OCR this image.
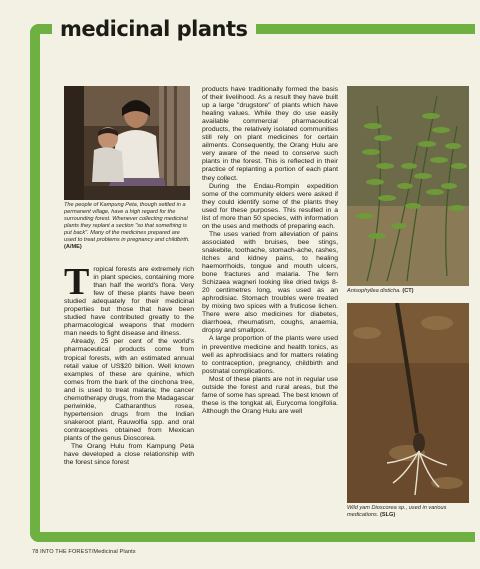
medicinal plants
The people of Kampung Peta, though settled in a permanent village, have a high regard for the surrounding forest. Whenever collecting medicinal plants they replant a section "so that something is put back". Many of the medicines prepared are used to treat problems in pregnancy and childbirth. (A/ME)
Anisophyllea disticha. (CT)
Wild yam Dioscorea sp., used in various medications. (SLG)
T ropical forests are extremely rich in plant species, containing more than half the world's flora. Very few of these plants have been studied adequately for their medicinal properties but those that have been studied have contributed greatly to the pharmacological weapons that modern man needs to fight disease and illness.

Already, 25 per cent of the world's pharmaceutical products come from tropical forests, with an estimated annual retail value of US$20 billion. Well known examples of these are quinine, which comes from the bark of the cinchona tree, and is used to treat malaria; the cancer chemotherapy drugs, from the Madagascar periwinkle, Catharanthus rosea, hypertension drugs from the Indian snakeroot plant, Rauwolfia spp. and oral contraceptives obtained from Mexican plants of the genus Dioscorea.

The Orang Hulu from Kampung Peta have developed a close relationship with the forest since forest

products have traditionally formed the basis of their livelihood. As a result they have built up a large "drugstore" of plants which have healing values. While they do use easily available commercial pharmaceutical products, the relatively isolated communities still rely on plant medicines for certain ailments. Consequently, the Orang Hulu are very aware of the need to conserve such plants in the forest. This is reflected in their practice of replanting a portion of each plant they collect.

During the Endau-Rompin expedition some of the community elders were asked if they could identify some of the plants they used for these purposes. This resulted in a list of more than 50 species, with information on the uses and methods of preparing each.

The uses varied from alleviation of pains associated with bruises, bee stings, snakebite, toothache, stomach-ache, rashes, itches and kidney pains, to healing haemorrhoids, tongue and mouth ulcers, bone fractures and malaria. The fern Schizaea wagneri looking like dried twigs 8-20 centimetres long, was used as an aphrodisiac. Stomach troubles were treated by mixing two spices with a fruticose lichen. There were also medicines for diabetes, diarrhoea, rheumatism, coughs, anaemia, dropsy and smallpox.

A large proportion of the plants were used in preventive medicine and health tonics, as well as aphrodisiacs and for matters relating to contraception, pregnancy, childbirth and postnatal complications.

Most of these plants are not in regular use outside the forest and rural areas, but the fame of some has spread. The best known of these is the tongkat ali, Eurycoma longifolia. Although the Orang Hulu are well

78 INTO THE FOREST/Medicinal Plants
